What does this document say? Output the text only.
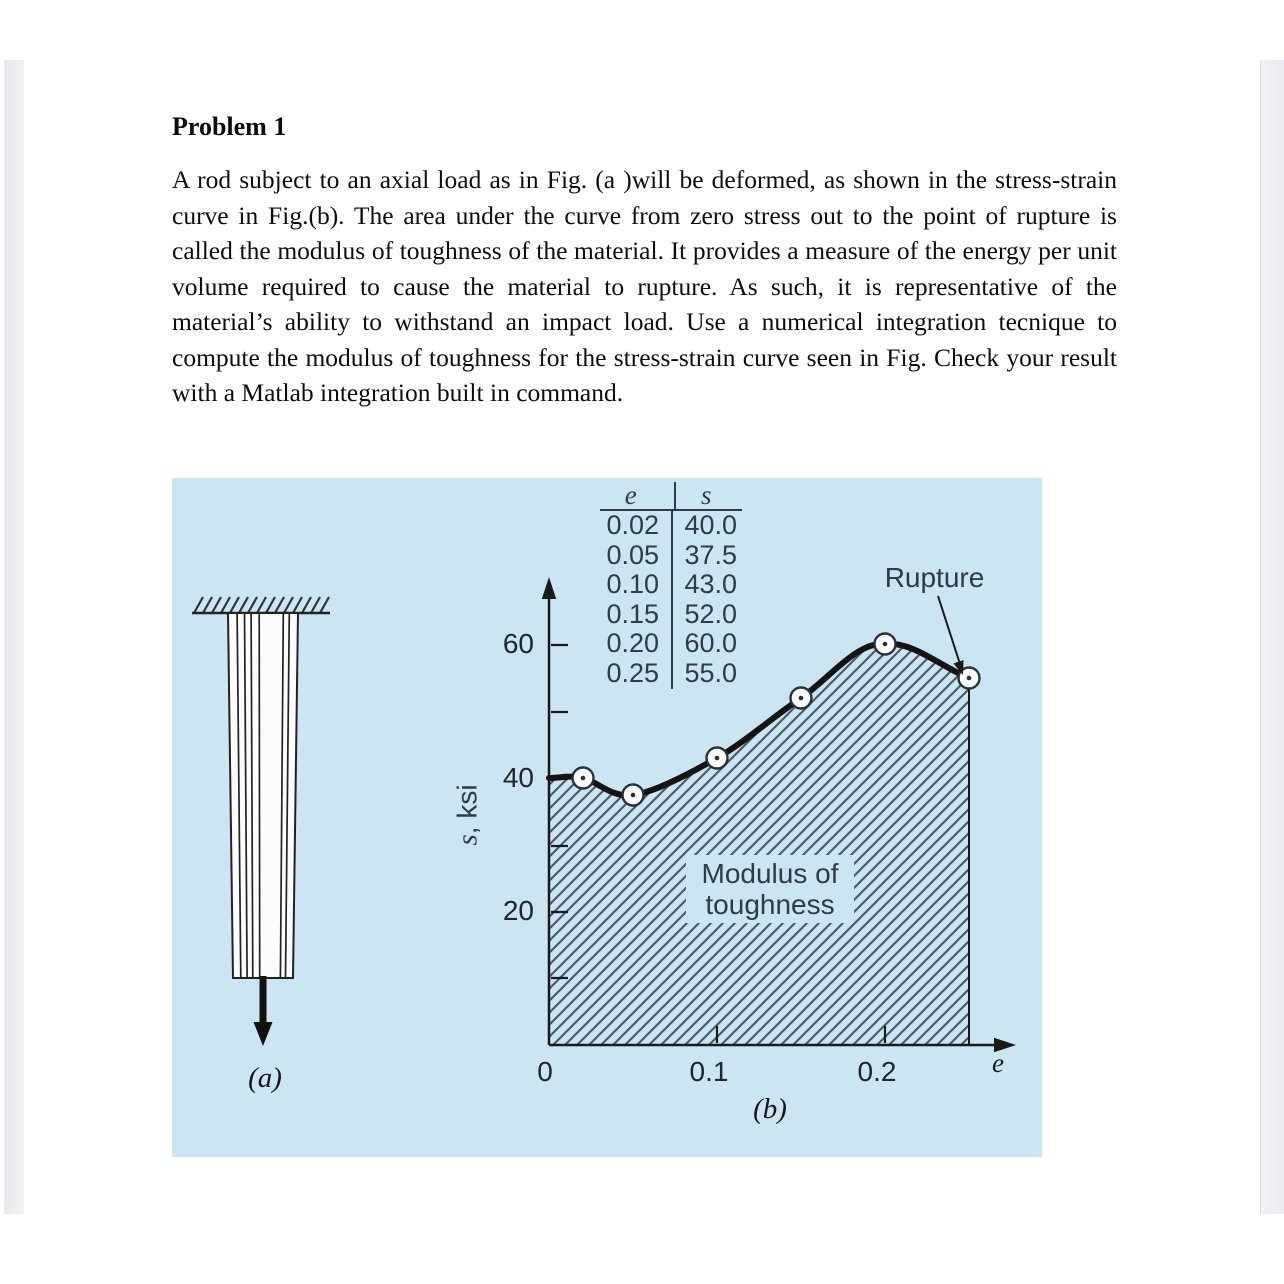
Problem 1
A rod subject to an axial load as in Fig. (a )will be deformed, as shown in the stress-strain curve in Fig.(b). The area under the curve from zero stress out to the point of rupture is called the modulus of toughness of the material. It provides a measure of the energy per unit volume required to cause the material to rupture. As such, it is representative of the material’s ability to withstand an impact load. Use a numerical integration tecnique to compute the modulus of toughness for the stress-strain curve seen in Fig. Check your result with a Matlab integration built in command.
e	s
0.02 40.0
0.05 37.5
0.10 43.0
0.15 52.0
0.20 60.0
0.25 55.0
Rupture
Modulus of
toughness
60
40
20
0	0.1	0.2
s, ksi
e
(a)
(b)
